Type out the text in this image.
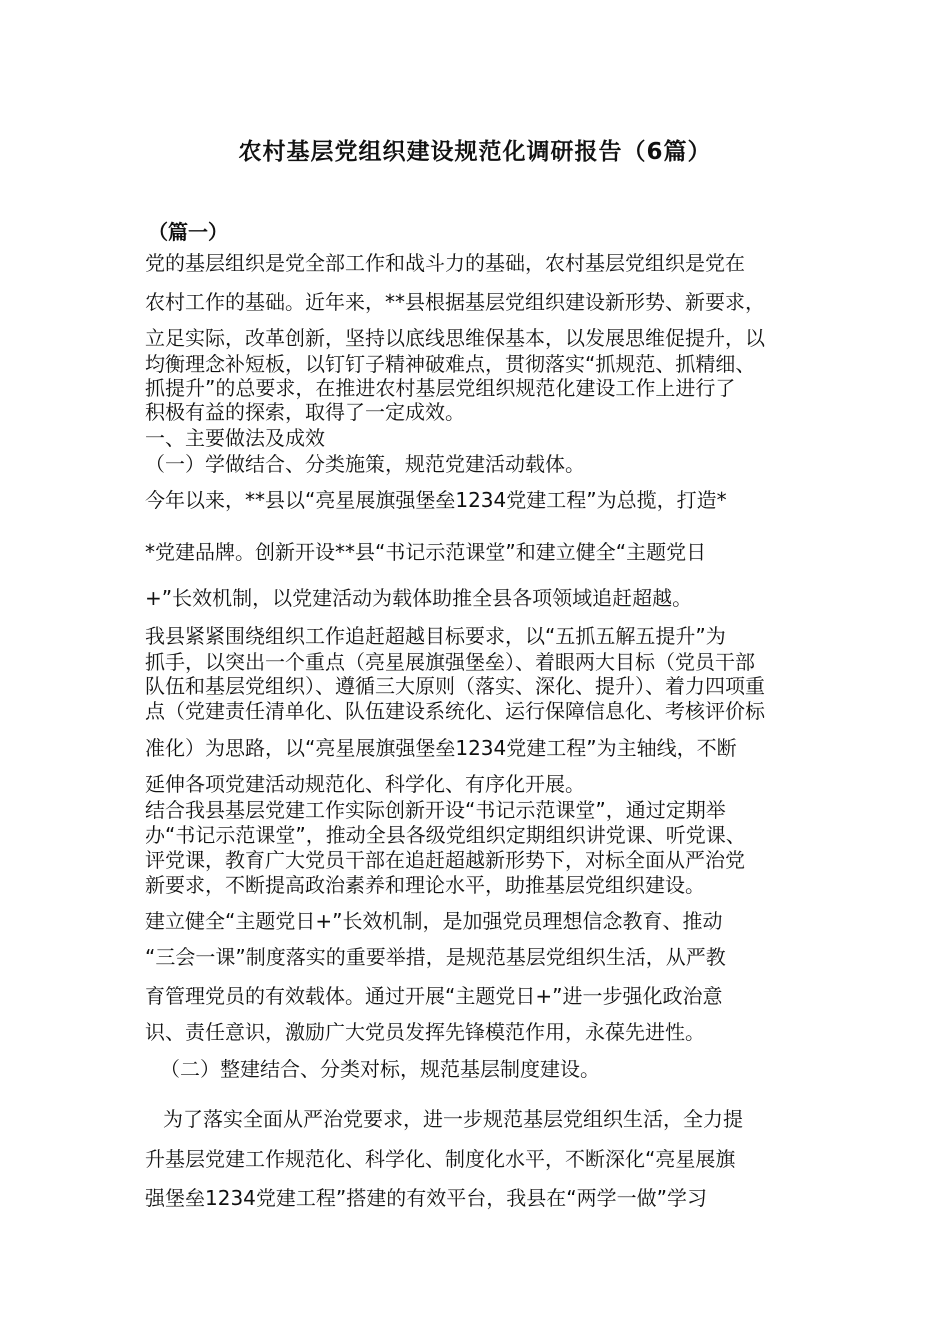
农村基层党组织建设规范化调研报告（6篇）
（篇一）
党的基层组织是党全部工作和战斗力的基础，农村基层党组织是党在
农村工作的基础。近年来，**县根据基层党组织建设新形势、新要求，
立足实际，改革创新，坚持以底线思维保基本，以发展思维促提升，以
均衡理念补短板，以钉钉子精神破难点，贯彻落实“抓规范、抓精细、
抓提升”的总要求，在推进农村基层党组织规范化建设工作上进行了
积极有益的探索，取得了一定成效。
一、主要做法及成效
（一）学做结合、分类施策，规范党建活动载体。
今年以来，**县以“亮星展旗强堡垒1234党建工程”为总揽，打造*
*党建品牌。创新开设**县“书记示范课堂”和建立健全“主题党日
+”长效机制，以党建活动为载体助推全县各项领域追赶超越。
我县紧紧围绕组织工作追赶超越目标要求，以“五抓五解五提升”为
抓手，以突出一个重点（亮星展旗强堡垒）、着眼两大目标（党员干部
队伍和基层党组织）、遵循三大原则（落实、深化、提升）、着力四项重
点（党建责任清单化、队伍建设系统化、运行保障信息化、考核评价标
准化）为思路，以“亮星展旗强堡垒1234党建工程”为主轴线，不断
延伸各项党建活动规范化、科学化、有序化开展。
结合我县基层党建工作实际创新开设“书记示范课堂”，通过定期举
办“书记示范课堂”，推动全县各级党组织定期组织讲党课、听党课、
评党课，教育广大党员干部在追赶超越新形势下，对标全面从严治党
新要求，不断提高政治素养和理论水平，助推基层党组织建设。
建立健全“主题党日+”长效机制，是加强党员理想信念教育、推动
“三会一课”制度落实的重要举措，是规范基层党组织生活，从严教
育管理党员的有效载体。通过开展“主题党日+”进一步强化政治意
识、责任意识，激励广大党员发挥先锋模范作用，永葆先进性。
（二）整建结合、分类对标，规范基层制度建设。
为了落实全面从严治党要求，进一步规范基层党组织生活，全力提
升基层党建工作规范化、科学化、制度化水平，不断深化“亮星展旗
强堡垒1234党建工程”搭建的有效平台，我县在“两学一做”学习
